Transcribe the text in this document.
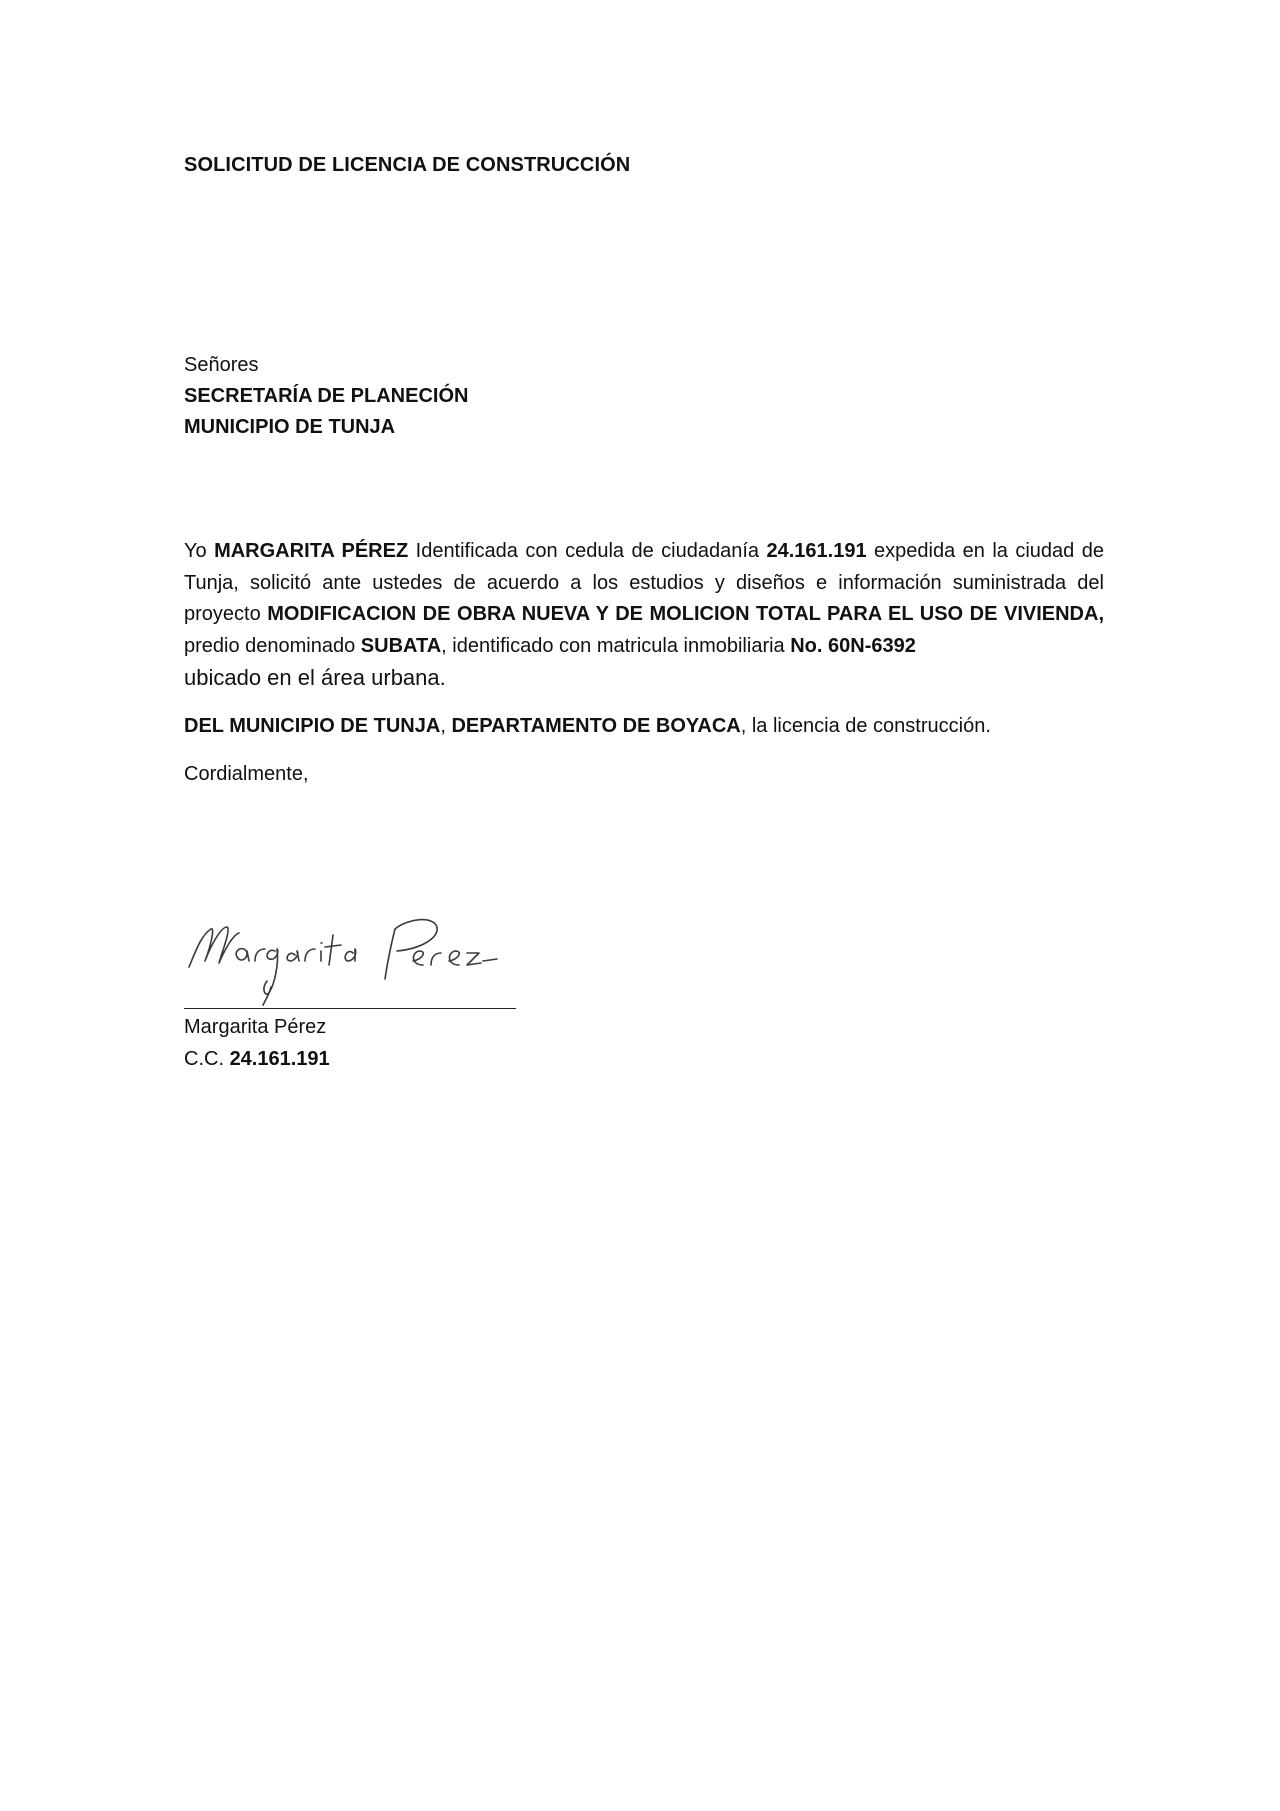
SOLICITUD DE LICENCIA DE CONSTRUCCIÓN
Señores
SECRETARÍA DE PLANECIÓN
MUNICIPIO DE TUNJA
Yo MARGARITA PÉREZ Identificada con cedula de ciudadanía 24.161.191 expedida en la ciudad de Tunja, solicitó ante ustedes de acuerdo a los estudios y diseños e información suministrada del proyecto MODIFICACION DE OBRA NUEVA Y DE MOLICION TOTAL PARA EL USO DE VIVIENDA, predio denominado SUBATA, identificado con matricula inmobiliaria No. 60N-6392
ubicado en el área urbana.
DEL MUNICIPIO DE TUNJA, DEPARTAMENTO DE BOYACA, la licencia de construcción.
Cordialmente,
Margarita Pérez
C.C. 24.161.191
